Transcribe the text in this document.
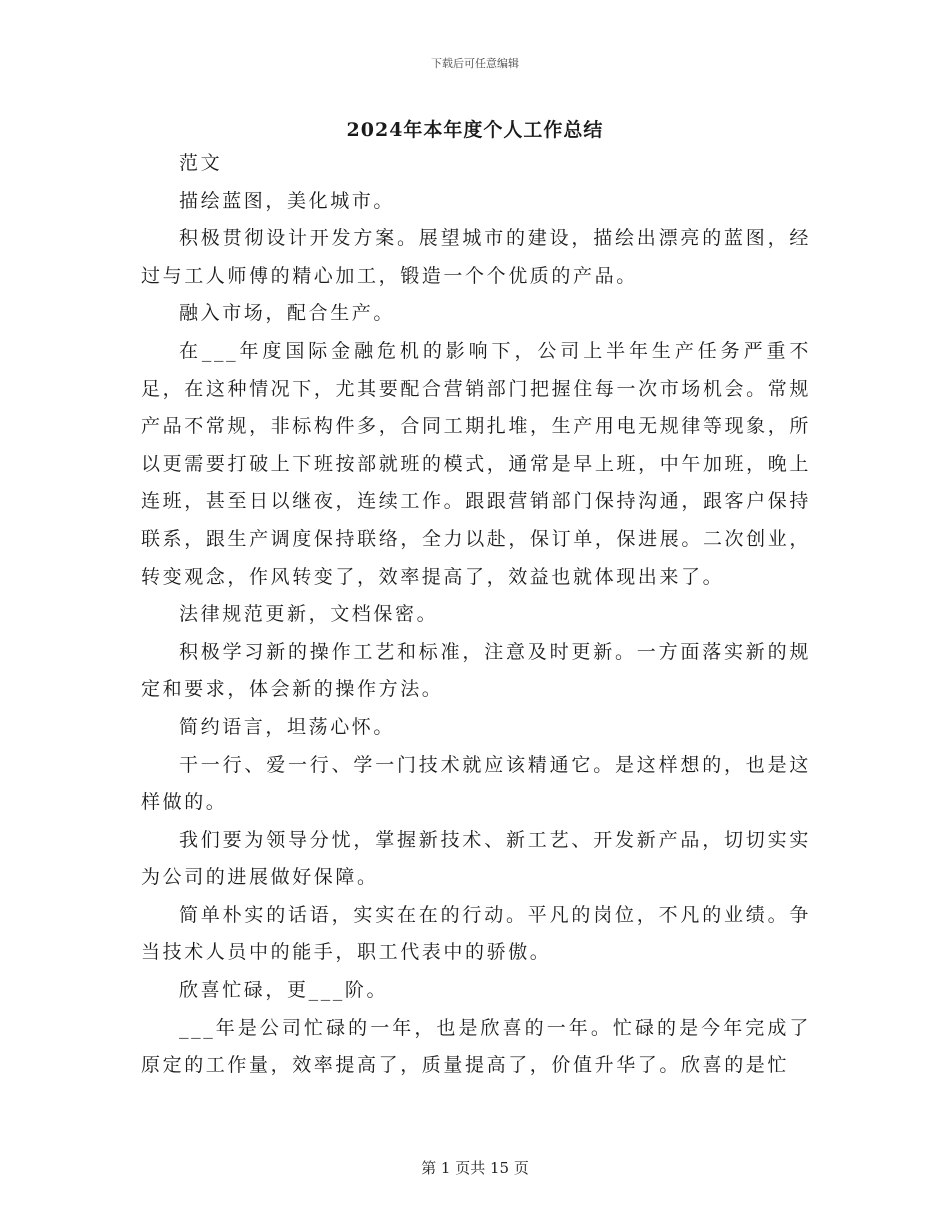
下载后可任意编辑
2024年本年度个人工作总结

范文

描绘蓝图，美化城市。

积极贯彻设计开发方案。展望城市的建设，描绘出漂亮的蓝图，经过与工人师傅的精心加工，锻造一个个优质的产品。

融入市场，配合生产。

在___年度国际金融危机的影响下，公司上半年生产任务严重不足，在这种情况下，尤其要配合营销部门把握住每一次市场机会。常规产品不常规，非标构件多，合同工期扎堆，生产用电无规律等现象，所以更需要打破上下班按部就班的模式，通常是早上班，中午加班，晚上连班，甚至日以继夜，连续工作。跟跟营销部门保持沟通，跟客户保持联系，跟生产调度保持联络，全力以赴，保订单，保进展。二次创业，转变观念，作风转变了，效率提高了，效益也就体现出来了。

法律规范更新，文档保密。

积极学习新的操作工艺和标准，注意及时更新。一方面落实新的规定和要求，体会新的操作方法。

简约语言，坦荡心怀。

干一行、爱一行、学一门技术就应该精通它。是这样想的，也是这样做的。

我们要为领导分忧，掌握新技术、新工艺、开发新产品，切切实实为公司的进展做好保障。

简单朴实的话语，实实在在的行动。平凡的岗位，不凡的业绩。争当技术人员中的能手，职工代表中的骄傲。

欣喜忙碌，更___阶。

___年是公司忙碌的一年，也是欣喜的一年。忙碌的是今年完成了原定的工作量，效率提高了，质量提高了，价值升华了。欣喜的是忙

第 1 页共 15 页
